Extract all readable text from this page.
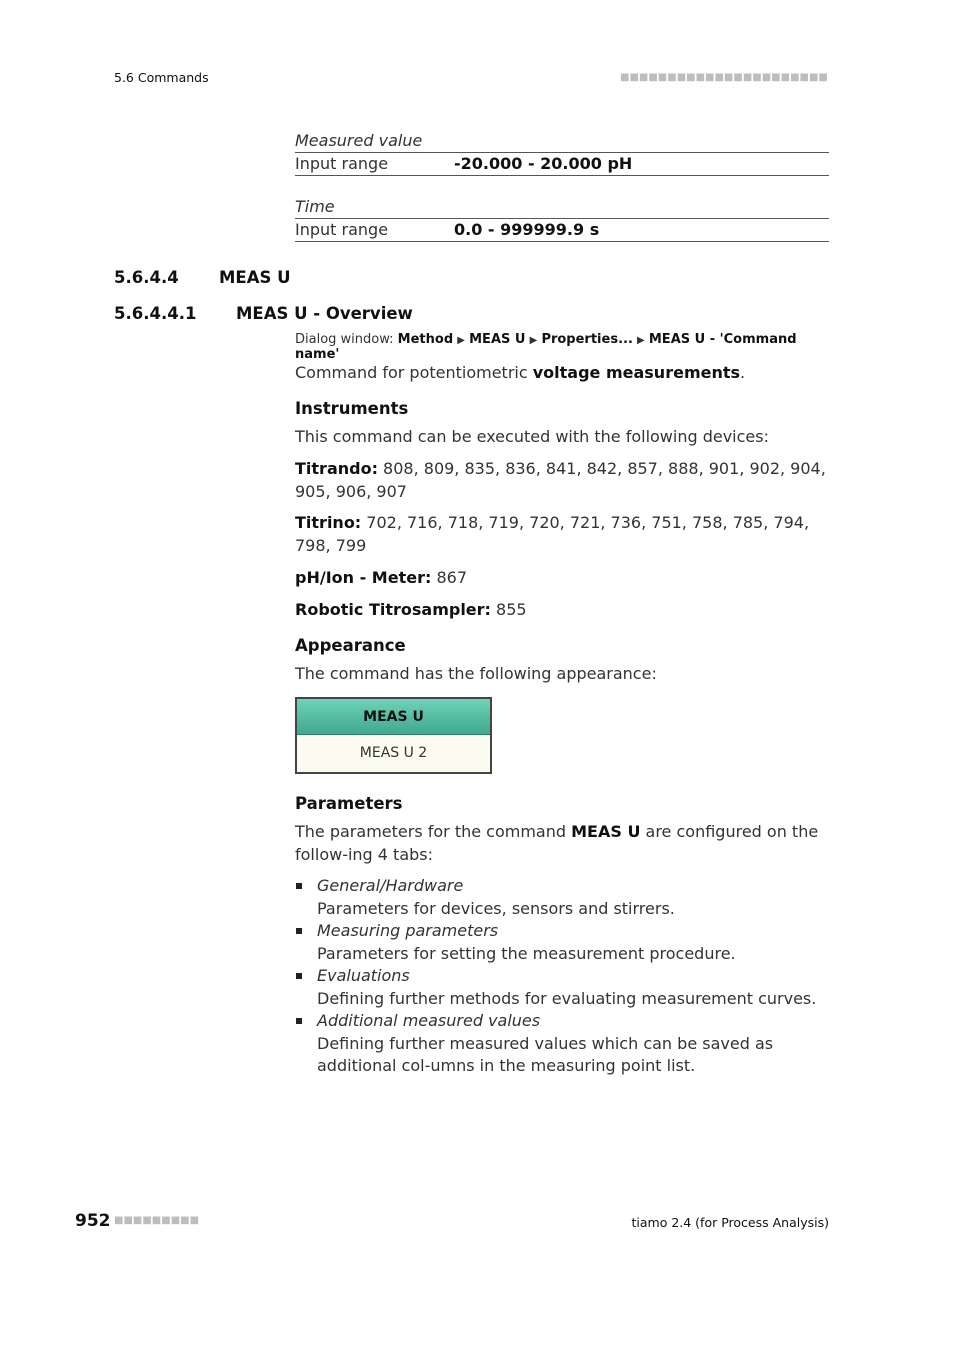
5.6 Commands	■■■■■■■■■■■■■■■■■■■■■■
Measured value
Input range	-20.000 - 20.000 pH
Time
Input range	0.0 - 999999.9 s
5.6.4.4 MEAS U
5.6.4.4.1 MEAS U - Overview
Dialog window: Method ▶ MEAS U ▶ Properties... ▶ MEAS U - 'Command name'
Command for potentiometric voltage measurements.
Instruments
This command can be executed with the following devices:
Titrando: 808, 809, 835, 836, 841, 842, 857, 888, 901, 902, 904, 905, 906, 907
Titrino: 702, 716, 718, 719, 720, 721, 736, 751, 758, 785, 794, 798, 799
pH/Ion - Meter: 867
Robotic Titrosampler: 855
Appearance
The command has the following appearance:
MEAS U
MEAS U 2
Parameters
The parameters for the command MEAS U are configured on the follow-ing 4 tabs:
General/Hardware
Parameters for devices, sensors and stirrers.
Measuring parameters
Parameters for setting the measurement procedure.
Evaluations
Defining further methods for evaluating measurement curves.
Additional measured values
Defining further measured values which can be saved as additional col-umns in the measuring point list.
952 ■■■■■■■■■	tiamo 2.4 (for Process Analysis)
